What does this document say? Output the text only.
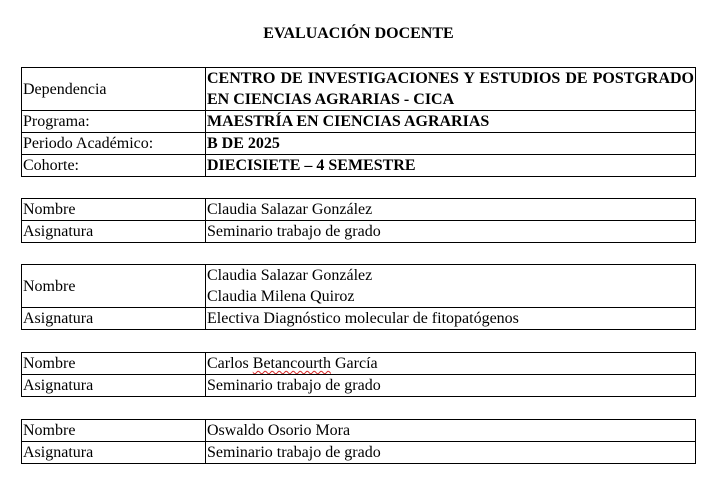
EVALUACIÓN DOCENTE
Dependencia	CENTRO DE INVESTIGACIONES Y ESTUDIOS DE POSTGRADO EN CIENCIAS AGRARIAS - CICA
Programa:	MAESTRÍA EN CIENCIAS AGRARIAS
Periodo Académico:	B DE 2025
Cohorte:	DIECISIETE – 4 SEMESTRE
Nombre	Claudia Salazar González
Asignatura	Seminario trabajo de grado
Nombre	Claudia Salazar González
Claudia Milena Quiroz

Asignatura	Electiva Diagnóstico molecular de fitopatógenos
Nombre	Carlos Betancourth García
Asignatura	Seminario trabajo de grado
Nombre	Oswaldo Osorio Mora
Asignatura	Seminario trabajo de grado
